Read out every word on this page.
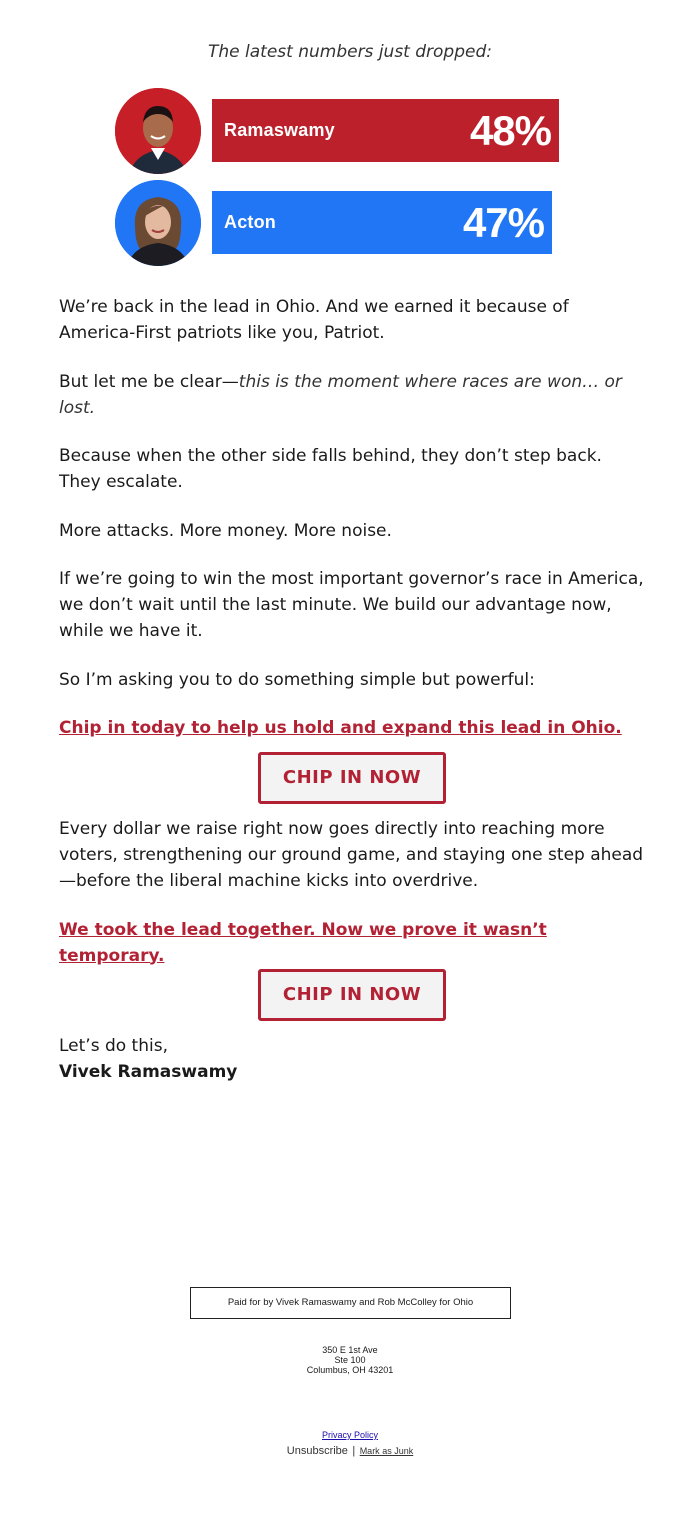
The latest numbers just dropped:
Ramaswamy	48%
Acton	47%

We’re back in the lead in Ohio. And we earned it because of America-First patriots like you, Patriot.

But let me be clear—this is the moment where races are won… or lost.

Because when the other side falls behind, they don’t step back. They escalate.

More attacks. More money. More noise.

If we’re going to win the most important governor’s race in America, we don’t wait until the last minute. We build our advantage now, while we have it.

So I’m asking you to do something simple but powerful:

Chip in today to help us hold and expand this lead in Ohio.

CHIP IN NOW

Every dollar we raise right now goes directly into reaching more voters, strengthening our ground game, and staying one step ahead—before the liberal machine kicks into overdrive.

We took the lead together. Now we prove it wasn’t temporary.

CHIP IN NOW
Let’s do this,
Vivek Ramaswamy
Paid for by Vivek Ramaswamy and Rob McColley for Ohio
350 E 1st Ave
Ste 100
Columbus, OH 43201
Privacy Policy
Unsubscribe | Mark as Junk
